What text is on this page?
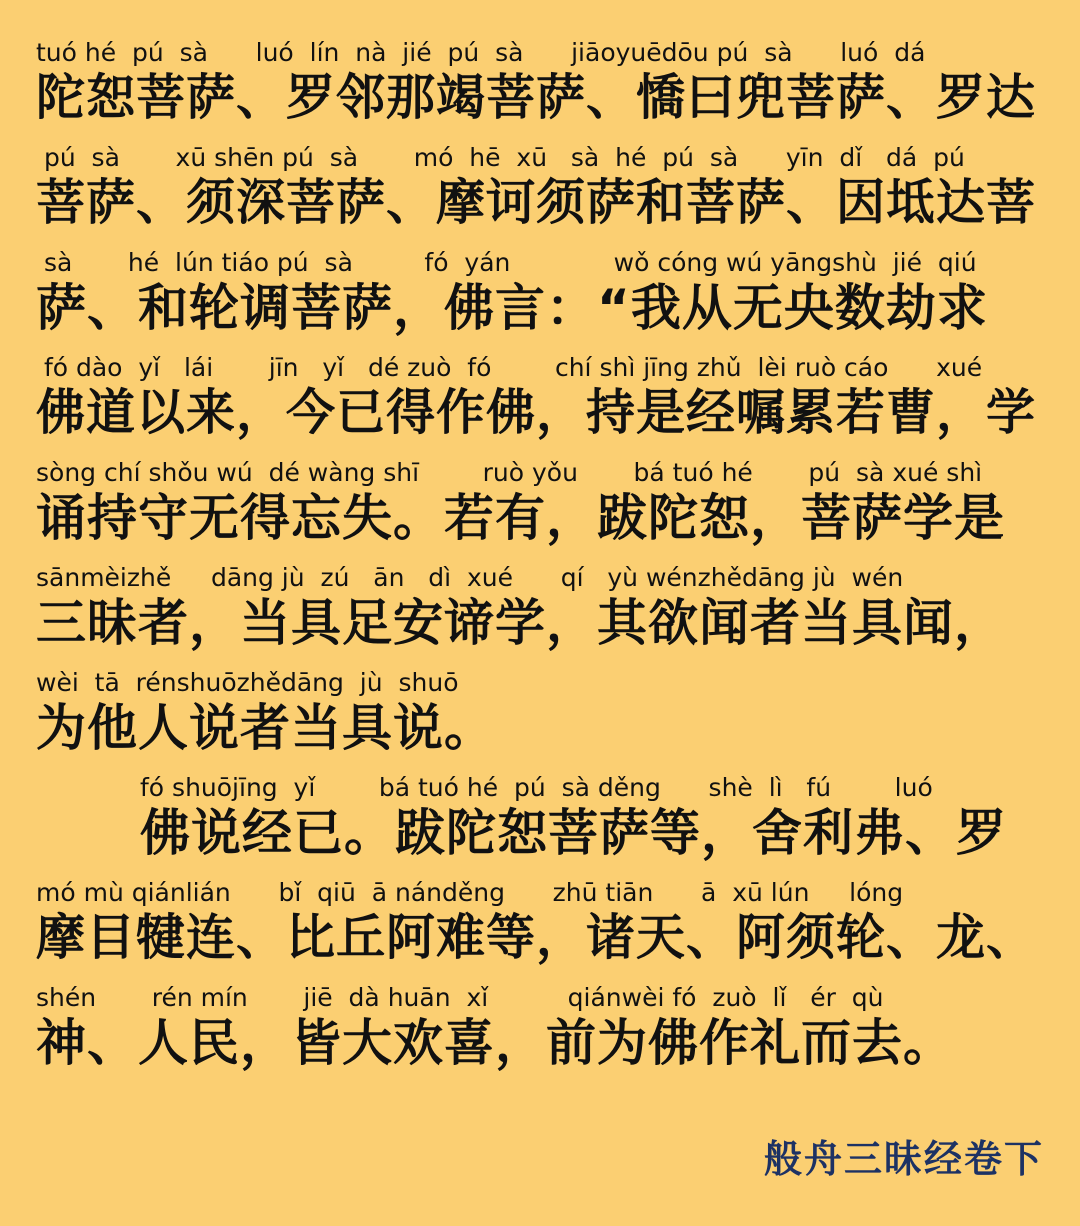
tuó hé  pú  sà      luó  lín  nà  jié  pú  sà      jiāoyuēdōu pú  sà      luó  dá
陀恕菩萨、罗邻那竭菩萨、憍曰兜菩萨、罗达
pú  sà       xū shēn pú  sà       mó  hē  xū   sà  hé  pú  sà      yīn  dǐ   dá  pú
菩萨、须深菩萨、摩诃须萨和菩萨、因坻达菩
sà       hé  lún tiáo pú  sà         fó  yán             wǒ cóng wú yāngshù  jié  qiú
萨、和轮调菩萨，佛言：“我从无央数劫求
fó dào  yǐ   lái       jīn   yǐ   dé zuò  fó        chí shì jīng zhǔ  lèi ruò cáo      xué
佛道以来，今已得作佛，持是经嘱累若曹，学
sòng chí shǒu wú  dé wàng shī        ruò yǒu       bá tuó hé       pú  sà xué shì
诵持守无得忘失。若有，跋陀恕，菩萨学是
sānmèizhě     dāng jù  zú   ān   dì  xué      qí   yù wénzhědāng jù  wén
三昧者，当具足安谛学，其欲闻者当具闻，
wèi  tā  rénshuōzhědāng  jù  shuō
为他人说者当具说。
fó shuōjīng  yǐ        bá tuó hé  pú  sà děng      shè  lì   fú        luó
佛说经已。跋陀恕菩萨等，舍利弗、罗
mó mù qiánlián      bǐ  qiū  ā nánděng      zhū tiān      ā  xū lún     lóng
摩目犍连、比丘阿难等，诸天、阿须轮、龙、
shén       rén mín       jiē  dà huān  xǐ          qiánwèi fó  zuò  lǐ   ér  qù
神、人民，皆大欢喜，前为佛作礼而去。
般舟三昧经卷下
